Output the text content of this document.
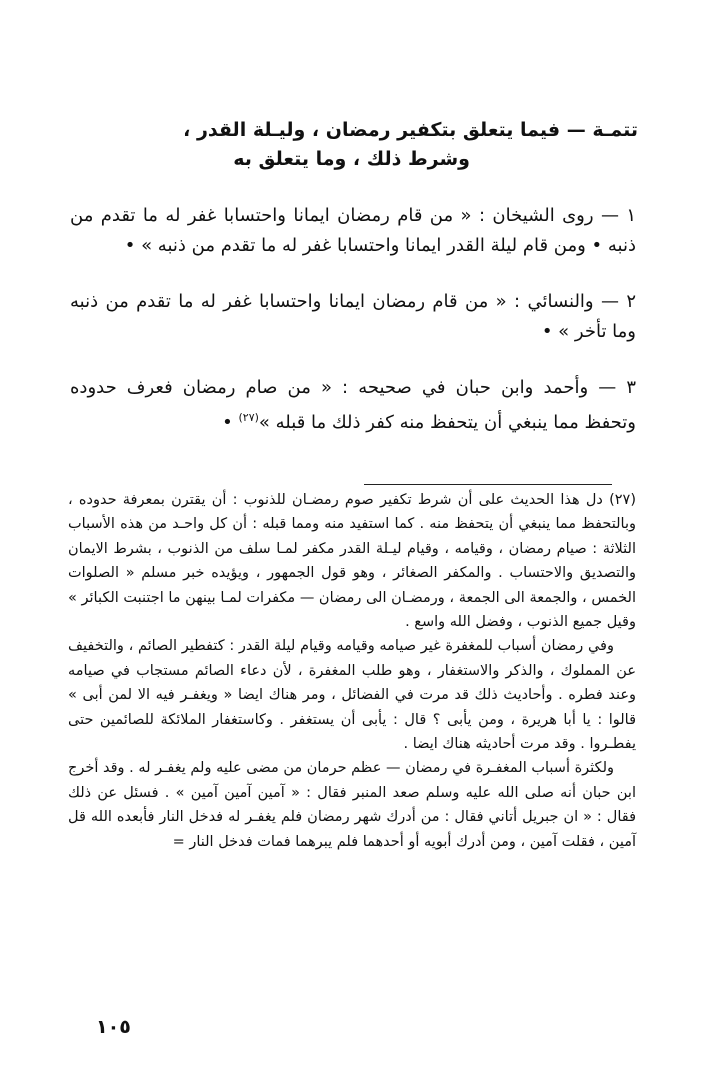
تتمـة — فيما يتعلق بتكفير رمضان ، وليـلة القدر ،
وشرط ذلك ، وما يتعلق به

١ — روى الشيخان : « من قام رمضان ايمانا واحتسابا غفر له ما تقدم من ذنبه • ومن قام ليلة القدر ايمانا واحتسابا غفر له ما تقدم من ذنبه » •

٢ — والنسائي : « من قام رمضان ايمانا واحتسابا غفر له ما تقدم من ذنبه وما تأخر » •

٣ — وأحمد وابن حبان في صحيحه : « من صام رمضان فعرف حدوده وتحفظ مما ينبغي أن يتحفظ منه كفر ذلك ما قبله »$^{(٢٧)}$ •

(٢٧) دل هذا الحديث على أن شرط تكفير صوم رمضـان للذنوب : أن يقترن بمعرفة حدوده ، وبالتحفظ مما ينبغي أن يتحفظ منه . كما استفيد منه ومما قبله : أن كل واحـد من هذه الأسباب الثلاثة : صيام رمضان ، وقيامه ، وقيام ليـلة القدر مكفر لمـا سلف من الذنوب ، بشرط الايمان والتصديق والاحتساب . والمكفر الصغائر ، وهو قول الجمهور ، ويؤيده خبر مسلم « الصلوات الخمس ، والجمعة الى الجمعة ، ورمضـان الى رمضان — مكفرات لمـا بينهن ما اجتنبت الكبائر » وقيل جميع الذنوب ، وفضل الله واسع .

وفي رمضان أسباب للمغفرة غير صيامه وقيامه وقيام ليلة القدر : كتفطير الصائم ، والتخفيف عن المملوك ، والذكر والاستغفار ، وهو طلب المغفرة ، لأن دعاء الصائم مستجاب في صيامه وعند فطره . وأحاديث ذلك قد مرت في الفضائل ، ومر هناك ايضا « ويغفـر فيه الا لمن أبى » قالوا : يا أبا هريرة ، ومن يأبى ؟ قال : يأبى أن يستغفر . وكاستغفار الملائكة للصائمين حتى يفطـروا . وقد مرت أحاديثه هناك ايضا .

ولكثرة أسباب المغفـرة في رمضان — عظم حرمان من مضى عليه ولم يغفـر له . وقد أخرج ابن حبان أنه صلى الله عليه وسلم صعد المنبر فقال : « آمين آمين آمين » . فسئل عن ذلك فقال : « ان جبريل أتاني فقال : من أدرك شهر رمضان فلم يغفـر له فدخل النار فأبعده الله قل آمين ، فقلت آمين ، ومن أدرك أبويه أو أحدهما فلم يبرهما فمات فدخل النار =

١٠٥
